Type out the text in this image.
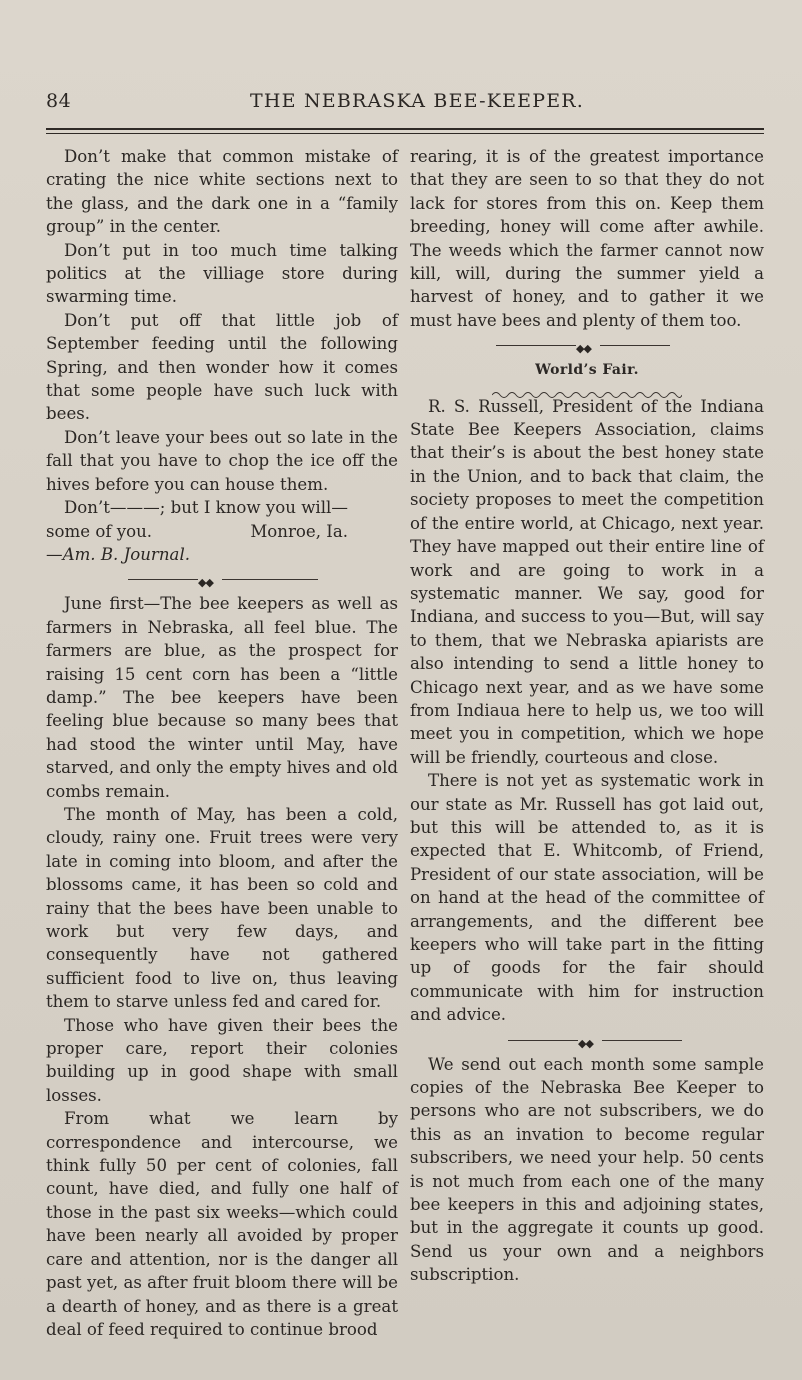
84	THE NEBRASKA BEE-KEEPER.

Don’t make that common mistake of crating the nice white sections next to the glass, and the dark one in a “family group” in the center.

Don’t put in too much time talking politics at the villiage store during swarming time.

Don’t put off that little job of September feeding until the following Spring, and then wonder how it comes that some people have such luck with bees.

Don’t leave your bees out so late in the fall that you have to chop the ice off the hives before you can house them.

Don’t———; but I know you will—

some of you.	Monroe, Ia.

—Am. B. Journal.

◆◆

June first—The bee keepers as well as farmers in Nebraska, all feel blue. The farmers are blue, as the prospect for raising 15 cent corn has been a “little damp.” The bee keepers have been feeling blue because so many bees that had stood the winter until May, have starved, and only the empty hives and old combs remain.

The month of May, has been a cold, cloudy, rainy one. Fruit trees were very late in coming into bloom, and after the blossoms came, it has been so cold and rainy that the bees have been unable to work but very few days, and consequently have not gathered sufficient food to live on, thus leaving them to starve unless fed and cared for.

Those who have given their bees the proper care, report their colonies building up in good shape with small losses.

From what we learn by correspondence and intercourse, we think fully 50 per cent of colonies, fall count, have died, and fully one half of those in the past six weeks—which could have been nearly all avoided by proper care and attention, nor is the danger all past yet, as after fruit bloom there will be a dearth of honey, and as there is a great deal of feed required to continue brood

rearing, it is of the greatest importance that they are seen to so that they do not lack for stores from this on. Keep them breeding, honey will come after awhile. The weeds which the farmer cannot now kill, will, during the summer yield a harvest of honey, and to gather it we must have bees and plenty of them too.

◆◆
World’s Fair.

R. S. Russell, President of the Indiana State Bee Keepers Association, claims that their’s is about the best honey state in the Union, and to back that claim, the society proposes to meet the competition of the entire world, at Chicago, next year. They have mapped out their entire line of work and are going to work in a systematic manner. We say, good for Indiana, and success to you—But, will say to them, that we Nebraska apiarists are also intending to send a little honey to Chicago next year, and as we have some from Indiaua here to help us, we too will meet you in competition, which we hope will be friendly, courteous and close.

There is not yet as systematic work in our state as Mr. Russell has got laid out, but this will be attended to, as it is expected that E. Whitcomb, of Friend, President of our state association, will be on hand at the head of the committee of arrangements, and the different bee keepers who will take part in the fitting up of goods for the fair should communicate with him for instruction and advice.

◆◆

We send out each month some sample copies of the Nebraska Bee Keeper to persons who are not subscribers, we do this as an invation to become regular subscribers, we need your help. 50 cents is not much from each one of the many bee keepers in this and adjoining states, but in the aggregate it counts up good. Send us your own and a neighbors subscription.
